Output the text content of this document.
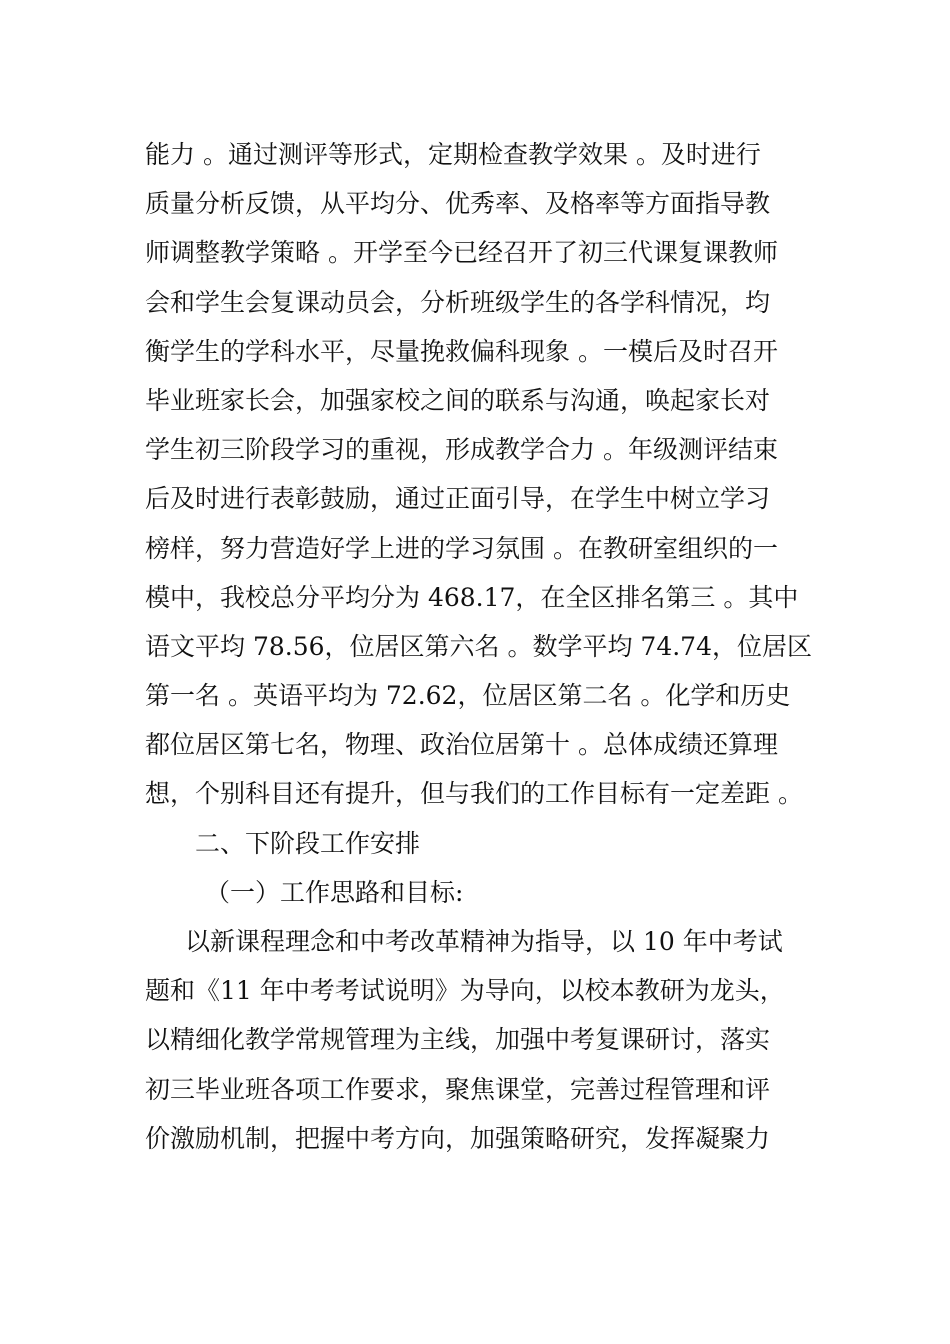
能力 。通过测评等形式，定期检查教学效果 。及时进行
质量分析反馈，从平均分、优秀率、及格率等方面指导教
师调整教学策略 。开学至今已经召开了初三代课复课教师
会和学生会复课动员会，分析班级学生的各学科情况，均
衡学生的学科水平，尽量挽救偏科现象 。一模后及时召开
毕业班家长会，加强家校之间的联系与沟通，唤起家长对
学生初三阶段学习的重视，形成教学合力 。年级测评结束
后及时进行表彰鼓励，通过正面引导，在学生中树立学习
榜样，努力营造好学上进的学习氛围 。在教研室组织的一
模中，我校总分平均分为 468.17，在全区排名第三 。其中
语文平均 78.56，位居区第六名 。数学平均 74.74，位居区
第一名 。英语平均为 72.62，位居区第二名 。化学和历史
都位居区第七名，物理、政治位居第十 。总体成绩还算理
想，个别科目还有提升，但与我们的工作目标有一定差距 。
二、下阶段工作安排
（一）工作思路和目标:
以新课程理念和中考改革精神为指导，以 10 年中考试
题和《11 年中考考试说明》为导向，以校本教研为龙头，
以精细化教学常规管理为主线，加强中考复课研讨，落实
初三毕业班各项工作要求，聚焦课堂，完善过程管理和评
价激励机制，把握中考方向，加强策略研究，发挥凝聚力
